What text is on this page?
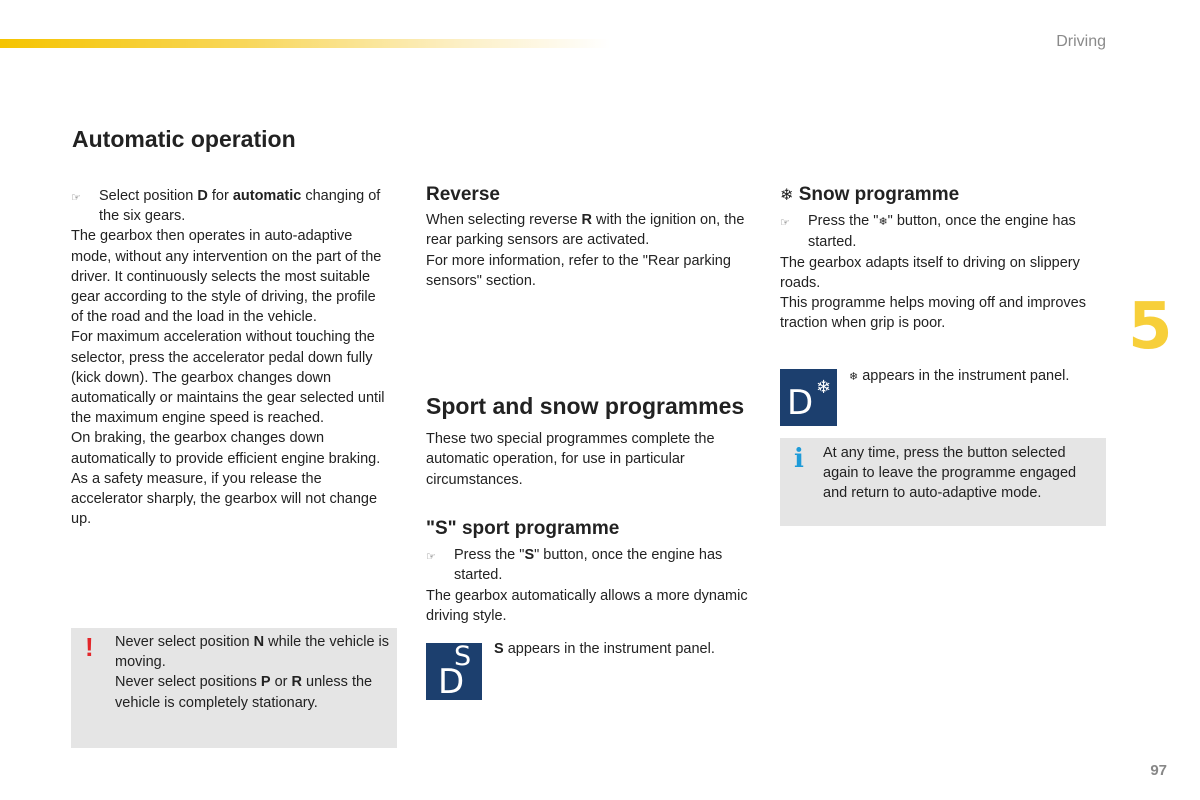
Driving
5
97
Automatic operation
☞	Select position D for automatic changing of the six gears.

The gearbox then operates in auto-adaptive mode, without any intervention on the part of the driver. It continuously selects the most suitable gear according to the style of driving, the profile of the road and the load in the vehicle.

For maximum acceleration without touching the selector, press the accelerator pedal down fully (kick down). The gearbox changes down automatically or maintains the gear selected until the maximum engine speed is reached.

On braking, the gearbox changes down automatically to provide efficient engine braking.

As a safety measure, if you release the accelerator sharply, the gearbox will not change up.

! Never select position N while the vehicle is moving.

Never select positions P or R unless the vehicle is completely stationary.

Reverse

When selecting reverse R with the ignition on, the rear parking sensors are activated.

For more information, refer to the "Rear parking sensors" section.

Sport and snow programmes

These two special programmes complete the automatic operation, for use in particular circumstances.

"S" sport programme
☞	Press the "S" button, once the engine has started.

The gearbox automatically allows a more dynamic driving style.

S
D
S appears in the instrument panel.
❄ Snow programme
☞	Press the "❄" button, once the engine has started.

The gearbox adapts itself to driving on slippery roads.

This programme helps moving off and improves traction when grip is poor.

D ❄ ❄ appears in the instrument panel.
i At any time, press the button selected again to leave the programme engaged and return to auto-adaptive mode.
